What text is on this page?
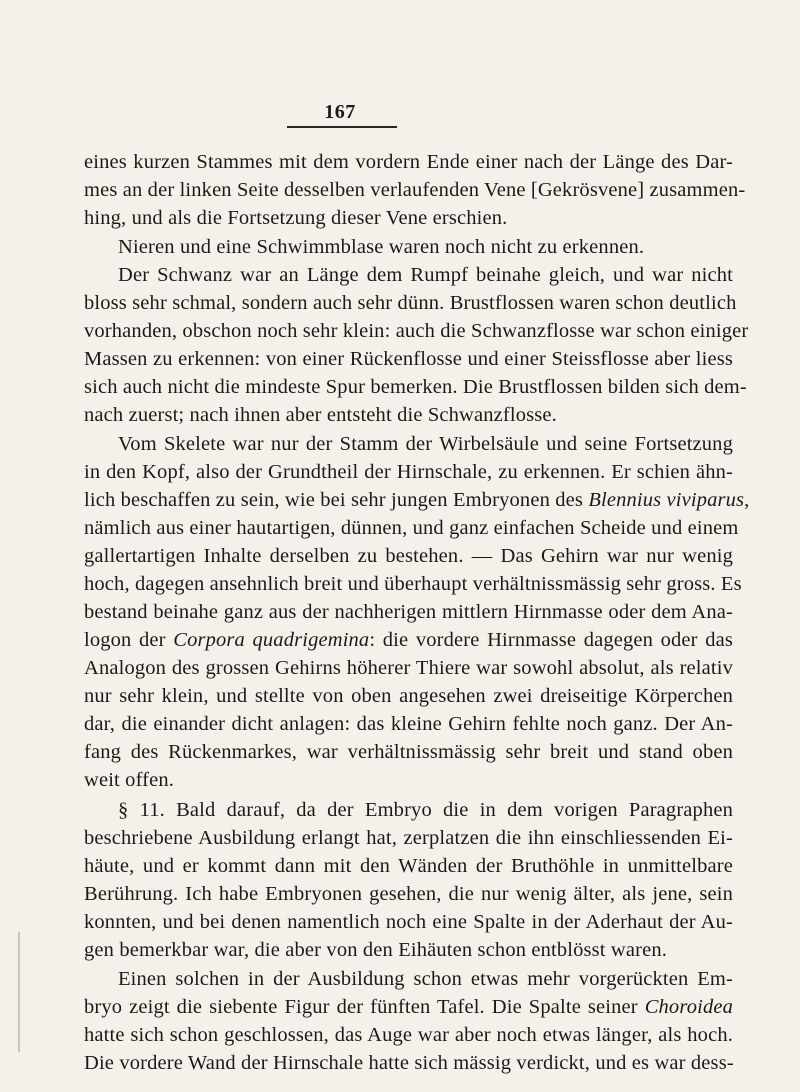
167
eines kurzen Stammes mit dem vordern Ende einer nach der Länge des Dar-
mes an der linken Seite desselben verlaufenden Vene [Gekrösvene] zusammen-
hing, und als die Fortsetzung dieser Vene erschien.
Nieren und eine Schwimmblase waren noch nicht zu erkennen.
Der Schwanz war an Länge dem Rumpf beinahe gleich, und war nicht
bloss sehr schmal, sondern auch sehr dünn. Brustflossen waren schon deutlich
vorhanden, obschon noch sehr klein: auch die Schwanzflosse war schon einiger
Massen zu erkennen: von einer Rückenflosse und einer Steissflosse aber liess
sich auch nicht die mindeste Spur bemerken. Die Brustflossen bilden sich dem-
nach zuerst; nach ihnen aber entsteht die Schwanzflosse.
Vom Skelete war nur der Stamm der Wirbelsäule und seine Fortsetzung
in den Kopf, also der Grundtheil der Hirnschale, zu erkennen. Er schien ähn-
lich beschaffen zu sein, wie bei sehr jungen Embryonen des Blennius viviparus,
nämlich aus einer hautartigen, dünnen, und ganz einfachen Scheide und einem
gallertartigen Inhalte derselben zu bestehen. — Das Gehirn war nur wenig
hoch, dagegen ansehnlich breit und überhaupt verhältnissmässig sehr gross. Es
bestand beinahe ganz aus der nachherigen mittlern Hirnmasse oder dem Ana-
logon der Corpora quadrigemina: die vordere Hirnmasse dagegen oder das
Analogon des grossen Gehirns höherer Thiere war sowohl absolut, als relativ
nur sehr klein, und stellte von oben angesehen zwei dreiseitige Körperchen
dar, die einander dicht anlagen: das kleine Gehirn fehlte noch ganz. Der An-
fang des Rückenmarkes, war verhältnissmässig sehr breit und stand oben
weit offen.
§ 11. Bald darauf, da der Embryo die in dem vorigen Paragraphen
beschriebene Ausbildung erlangt hat, zerplatzen die ihn einschliessenden Ei-
häute, und er kommt dann mit den Wänden der Bruthöhle in unmittelbare
Berührung. Ich habe Embryonen gesehen, die nur wenig älter, als jene, sein
konnten, und bei denen namentlich noch eine Spalte in der Aderhaut der Au-
gen bemerkbar war, die aber von den Eihäuten schon entblösst waren.
Einen solchen in der Ausbildung schon etwas mehr vorgerückten Em-
bryo zeigt die siebente Figur der fünften Tafel. Die Spalte seiner Choroidea
hatte sich schon geschlossen, das Auge war aber noch etwas länger, als hoch.
Die vordere Wand der Hirnschale hatte sich mässig verdickt, und es war dess-
